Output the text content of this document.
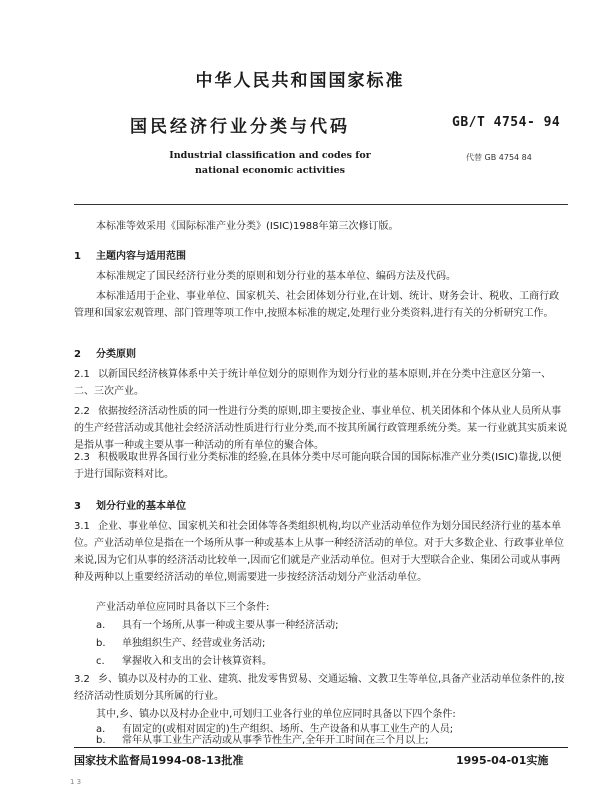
中华人民共和国国家标准
国民经济行业分类与代码	GB/T 4754- 94
Industrial classification and codes for
national economic activities
代替 GB 4754 84
本标准等效采用《国际标准产业分类》(ISIC)1988年第三次修订版。
1 主题内容与适用范围
本标准规定了国民经济行业分类的原则和划分行业的基本单位、编码方法及代码。
本标准适用于企业、事业单位、国家机关、社会团体划分行业,在计划、统计、财务会计、税收、工商行政管理和国家宏观管理、部门管理等项工作中,按照本标准的规定,处理行业分类资料,进行有关的分析研究工作。
2 分类原则
2.1 以新国民经济核算体系中关于统计单位划分的原则作为划分行业的基本原则,并在分类中注意区分第一、二、三次产业。
2.2 依据按经济活动性质的同一性进行分类的原则,即主要按企业、事业单位、机关团体和个体从业人员所从事的生产经营活动或其他社会经济活动性质进行行业分类,而不按其所属行政管理系统分类。某一行业就其实质来说是指从事一种或主要从事一种活动的所有单位的聚合体。
2.3 积极吸取世界各国行业分类标准的经验,在具体分类中尽可能向联合国的国际标准产业分类(ISIC)靠拢,以便于进行国际资料对比。
3 划分行业的基本单位
3.1 企业、事业单位、国家机关和社会团体等各类组织机构,均以产业活动单位作为划分国民经济行业的基本单位。产业活动单位是指在一个场所从事一种或基本上从事一种经济活动的单位。对于大多数企业、行政事业单位来说,因为它们从事的经济活动比较单一,因而它们就是产业活动单位。但对于大型联合企业、集团公司或从事两种及两种以上重要经济活动的单位,则需要进一步按经济活动划分产业活动单位。
产业活动单位应同时具备以下三个条件:
a. 具有一个场所,从事一种或主要从事一种经济活动;
b. 单独组织生产、经营或业务活动;
c. 掌握收入和支出的会计核算资料。
3.2 乡、镇办以及村办的工业、建筑、批发零售贸易、交通运输、文教卫生等单位,具备产业活动单位条件的,按经济活动性质划分其所属的行业。
其中,乡、镇办以及村办企业中,可划归工业各行业的单位应同时具备以下四个条件:
a. 有固定的(或相对固定的)生产组织、场所、生产设备和从事工业生产的人员;
b. 常年从事工业生产活动或从事季节性生产,全年开工时间在三个月以上;
国家技术监督局1994-08-13批准	1995-04-01实施
1 3
